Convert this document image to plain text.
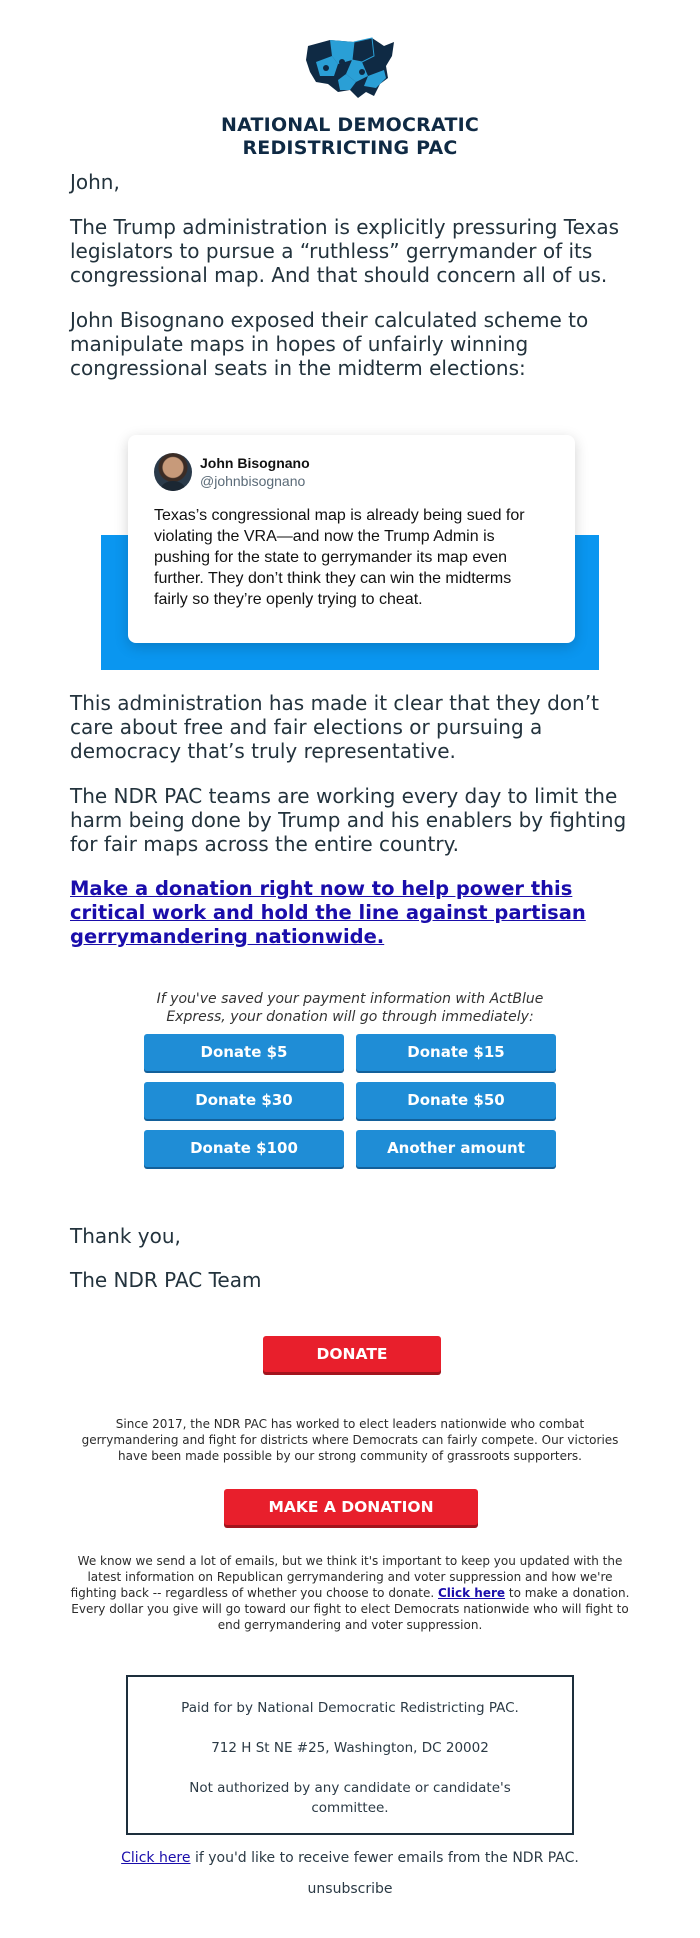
NATIONAL DEMOCRATIC
REDISTRICTING PAC

John,

The Trump administration is explicitly pressuring Texas legislators to pursue a “ruthless” gerrymander of its congressional map. And that should concern all of us.

John Bisognano exposed their calculated scheme to manipulate maps in hopes of unfairly winning congressional seats in the midterm elections:

John Bisognano
@johnbisognano
Texas’s congressional map is already being sued for violating the VRA—and now the Trump Admin is pushing for the state to gerrymander its map even further. They don’t think they can win the midterms fairly so they’re openly trying to cheat.

This administration has made it clear that they don’t care about free and fair elections or pursuing a democracy that’s truly representative.

The NDR PAC teams are working every day to limit the harm being done by Trump and his enablers by fighting for fair maps across the entire country.

Make a donation right now to help power this critical work and hold the line against partisan gerrymandering nationwide.
If you've saved your payment information with ActBlue Express, your donation will go through immediately:
Donate $5	Donate $15
Donate $30	Donate $50
Donate $100	Another amount

Thank you,

The NDR PAC Team

DONATE
Since 2017, the NDR PAC has worked to elect leaders nationwide who combat gerrymandering and fight for districts where Democrats can fairly compete. Our victories have been made possible by our strong community of grassroots supporters.
MAKE A DONATION
We know we send a lot of emails, but we think it's important to keep you updated with the latest information on Republican gerrymandering and voter suppression and how we're fighting back -- regardless of whether you choose to donate. Click here to make a donation. Every dollar you give will go toward our fight to elect Democrats nationwide who will fight to end gerrymandering and voter suppression.
Paid for by National Democratic Redistricting PAC.
712 H St NE #25, Washington, DC 20002
Not authorized by any candidate or candidate's committee.
Click here if you'd like to receive fewer emails from the NDR PAC.
unsubscribe
